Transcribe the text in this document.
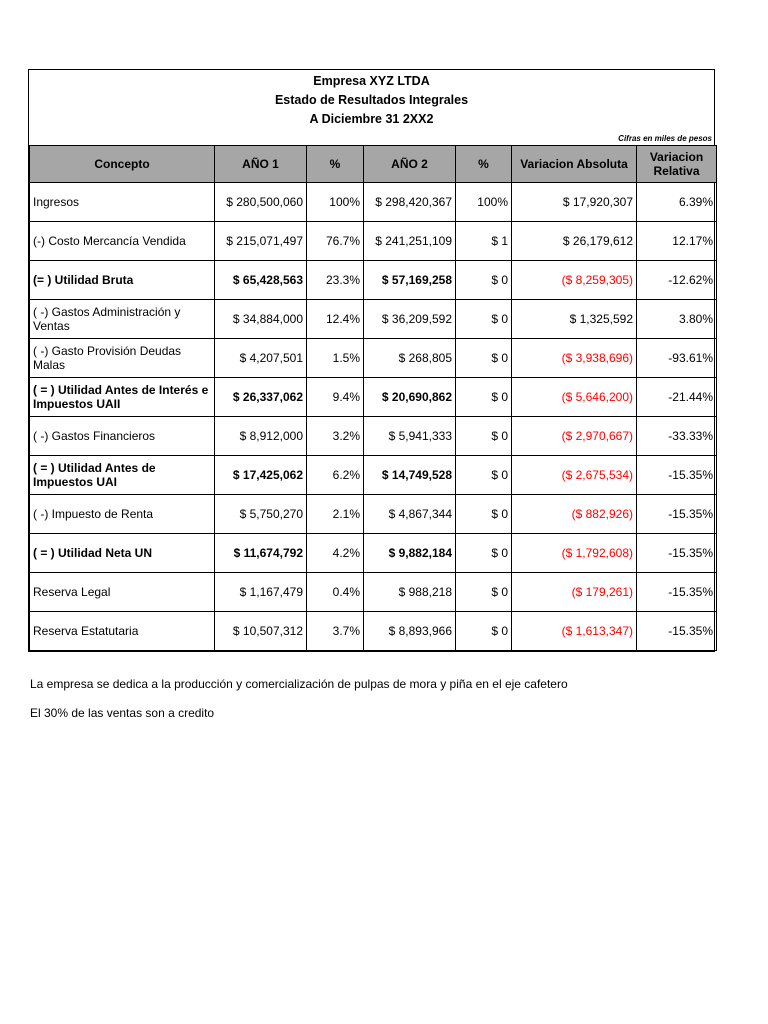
Empresa XYZ LTDA
Estado de Resultados Integrales
A Diciembre 31 2XX2
Cifras en miles de pesos
Concepto	AÑO 1	%	AÑO 2	%	Variacion Absoluta	Variacion Relativa
Ingresos	$ 280,500,060	100%	$ 298,420,367	100%	$ 17,920,307	6.39%
(-) Costo Mercancía Vendida	$ 215,071,497	76.7%	$ 241,251,109	$ 1	$ 26,179,612	12.17%
(= ) Utilidad Bruta	$ 65,428,563	23.3%	$ 57,169,258	$ 0	($ 8,259,305)	-12.62%
( -) Gastos Administración y Ventas	$ 34,884,000	12.4%	$ 36,209,592	$ 0	$ 1,325,592	3.80%
( -) Gasto Provisión Deudas Malas	$ 4,207,501	1.5%	$ 268,805	$ 0	($ 3,938,696)	-93.61%
( = ) Utilidad Antes de Interés e Impuestos UAII	$ 26,337,062	9.4%	$ 20,690,862	$ 0	($ 5,646,200)	-21.44%
( -) Gastos Financieros	$ 8,912,000	3.2%	$ 5,941,333	$ 0	($ 2,970,667)	-33.33%
( = ) Utilidad Antes de Impuestos UAI	$ 17,425,062	6.2%	$ 14,749,528	$ 0	($ 2,675,534)	-15.35%
( -) Impuesto de Renta	$ 5,750,270	2.1%	$ 4,867,344	$ 0	($ 882,926)	-15.35%
( = ) Utilidad Neta UN	$ 11,674,792	4.2%	$ 9,882,184	$ 0	($ 1,792,608)	-15.35%
Reserva Legal	$ 1,167,479	0.4%	$ 988,218	$ 0	($ 179,261)	-15.35%
Reserva Estatutaria	$ 10,507,312	3.7%	$ 8,893,966	$ 0	($ 1,613,347)	-15.35%
La empresa se dedica a la producción y comercialización de pulpas de mora y piña en el eje cafetero
El 30% de las ventas son a credito
